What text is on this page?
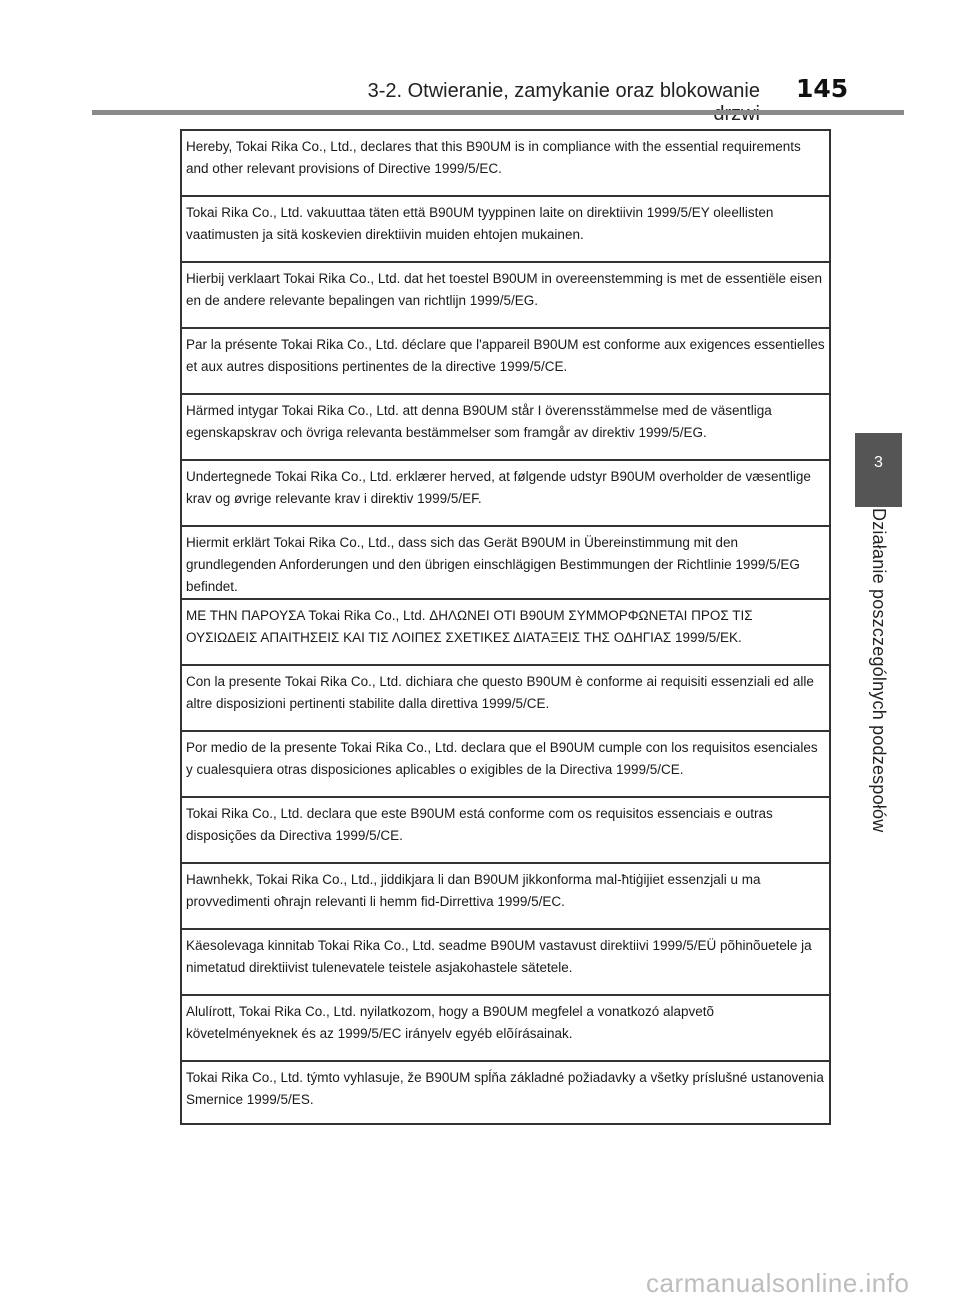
3-2. Otwieranie, zamykanie oraz blokowanie 145
3
Działanie poszczególnych podzespołów
Hereby, Tokai Rika Co., Ltd., declares that this B90UM is in compliance with the essential requirements and other relevant provisions of Directive 1999/5/EC.
Tokai Rika Co., Ltd. vakuuttaa täten että B90UM tyyppinen laite on direktiivin 1999/5/EY oleellisten vaatimusten ja sitä koskevien direktiivin muiden ehtojen mukainen.
Hierbij verklaart Tokai Rika Co., Ltd. dat het toestel B90UM in overeenstemming is met de essentiële eisen en de andere relevante bepalingen van richtlijn 1999/5/EG.
Par la présente Tokai Rika Co., Ltd. déclare que l'appareil B90UM est conforme aux exigences essentielles et aux autres dispositions pertinentes de la directive 1999/5/CE.
Härmed intygar Tokai Rika Co., Ltd. att denna B90UM står I överensstämmelse med de väsentliga egenskapskrav och övriga relevanta bestämmelser som framgår av direktiv 1999/5/EG.
Undertegnede Tokai Rika Co., Ltd. erklærer herved, at følgende udstyr B90UM overholder de væsentlige krav og øvrige relevante krav i direktiv 1999/5/EF.
Hiermit erklärt Tokai Rika Co., Ltd., dass sich das Gerät B90UM in Übereinstimmung mit den grundlegenden Anforderungen und den übrigen einschlägigen Bestimmungen der Richtlinie 1999/5/EG befindet.
ΜΕ ΤΗΝ ΠΑΡΟΥΣΑ Tokai Rika Co., Ltd. ΔΗΛΩΝΕΙ ΟΤΙ B90UM ΣΥΜΜΟΡΦΩΝΕΤΑΙ ΠΡΟΣ ΤΙΣ ΟΥΣΙΩΔΕΙΣ ΑΠΑΙΤΗΣΕΙΣ ΚΑΙ ΤΙΣ ΛΟΙΠΕΣ ΣΧΕΤΙΚΕΣ ΔΙΑΤΑΞΕΙΣ ΤΗΣ ΟΔΗΓΙΑΣ 1999/5/ΕΚ.
Con la presente Tokai Rika Co., Ltd. dichiara che questo B90UM è conforme ai requisiti essenziali ed alle altre disposizioni pertinenti stabilite dalla direttiva 1999/5/CE.
Por medio de la presente Tokai Rika Co., Ltd. declara que el B90UM cumple con los requisitos esenciales y cualesquiera otras disposiciones aplicables o exigibles de la Directiva 1999/5/CE.
Tokai Rika Co., Ltd. declara que este B90UM está conforme com os requisitos essenciais e outras disposições da Directiva 1999/5/CE.
Hawnhekk, Tokai Rika Co., Ltd., jiddikjara li dan B90UM jikkonforma mal-ħtiġijiet essenzjali u ma provvedimenti oħrajn relevanti li hemm fid-Dirrettiva 1999/5/EC.
Käesolevaga kinnitab Tokai Rika Co., Ltd. seadme B90UM vastavust direktiivi 1999/5/EÜ põhinõuetele ja nimetatud direktiivist tulenevatele teistele asjakohastele sätetele.
Alulírott, Tokai Rika Co., Ltd. nyilatkozom, hogy a B90UM megfelel a vonatkozó alapvetõ követelményeknek és az 1999/5/EC irányelv egyéb elõírásainak.
Tokai Rika Co., Ltd. týmto vyhlasuje, že B90UM spĺňa základné požiadavky a všetky príslušné ustanovenia Smernice 1999/5/ES.
carmanualsonline.info
